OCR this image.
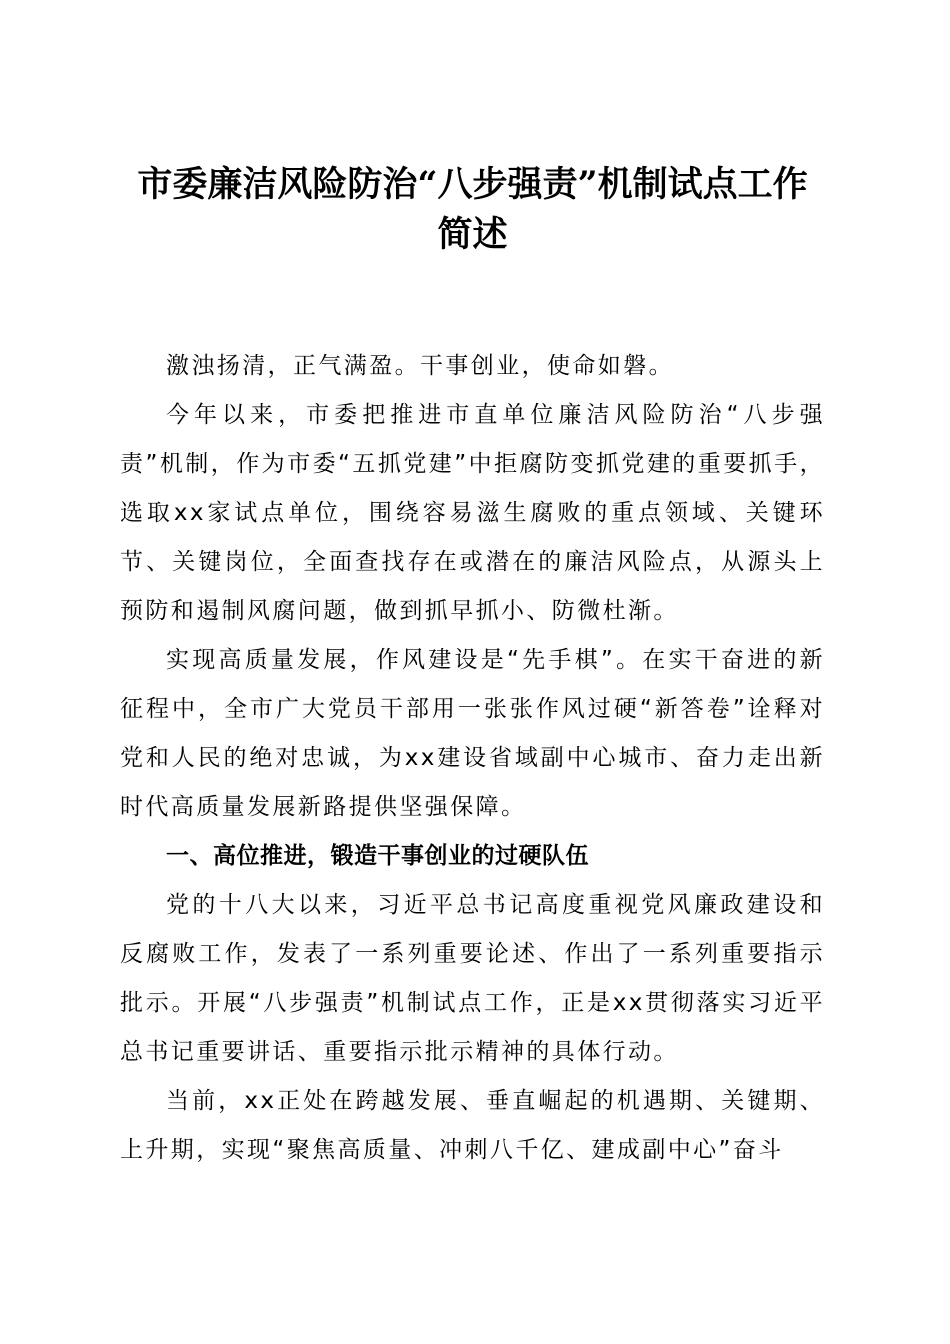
市委廉洁风险防治“八步强责”机制试点工作

简述

激浊扬清，正气满盈。干事创业，使命如磐。

今年以来，市委把推进市直单位廉洁风险防治“八步强责”机制，作为市委“五抓党建”中拒腐防变抓党建的重要抓手，选取xx家试点单位，围绕容易滋生腐败的重点领域、关键环节、关键岗位，全面查找存在或潜在的廉洁风险点，从源头上预防和遏制风腐问题，做到抓早抓小、防微杜渐。

实现高质量发展，作风建设是“先手棋”。在实干奋进的新征程中，全市广大党员干部用一张张作风过硬“新答卷”诠释对党和人民的绝对忠诚，为xx建设省域副中心城市、奋力走出新时代高质量发展新路提供坚强保障。

一、高位推进，锻造干事创业的过硬队伍

党的十八大以来，习近平总书记高度重视党风廉政建设和反腐败工作，发表了一系列重要论述、作出了一系列重要指示批示。开展“八步强责”机制试点工作，正是xx贯彻落实习近平总书记重要讲话、重要指示批示精神的具体行动。

当前，xx正处在跨越发展、垂直崛起的机遇期、关键期、上升期，实现“聚焦高质量、冲刺八千亿、建成副中心”奋斗
